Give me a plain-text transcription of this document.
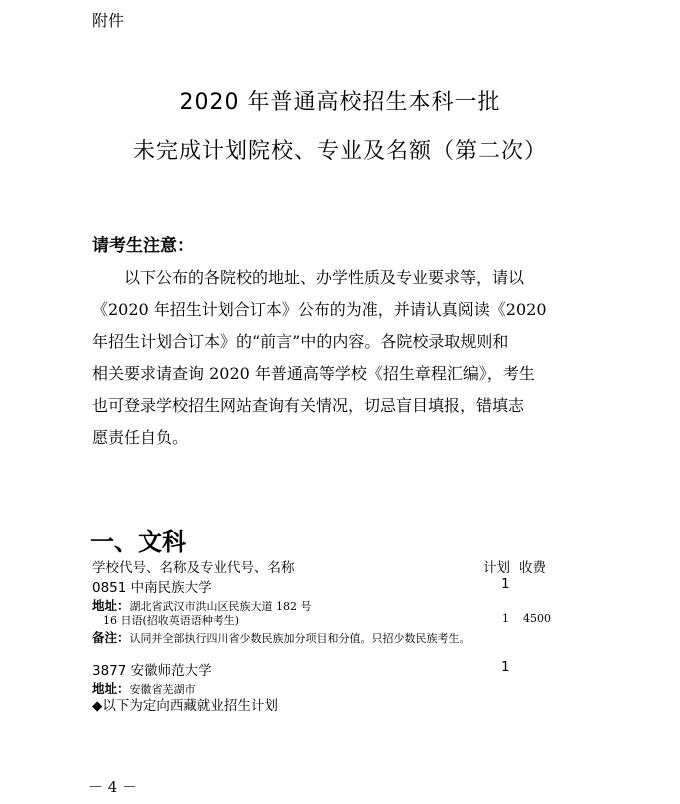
附件
2020 年普通高校招生本科一批
未完成计划院校、专业及名额（第二次）
请考生注意：
以下公布的各院校的地址、办学性质及专业要求等，请以
《2020 年招生计划合订本》公布的为准，并请认真阅读《2020
年招生计划合订本》的“前言”中的内容。各院校录取规则和
相关要求请查询 2020 年普通高等学校《招生章程汇编》，考生
也可登录学校招生网站查询有关情况，切忌盲目填报，错填志
愿责任自负。
一、文科
学校代号、名称及专业代号、名称	计划 收费
0851 中南民族大学	1
地址：湖北省武汉市洪山区民族大道 182 号
16 日语(招收英语语种考生)	1 4500
备注：认同并全部执行四川省少数民族加分项目和分值。只招少数民族考生。
3877 安徽师范大学	1
地址：安徽省芜湖市
◆以下为定向西藏就业招生计划
－ 4 －
